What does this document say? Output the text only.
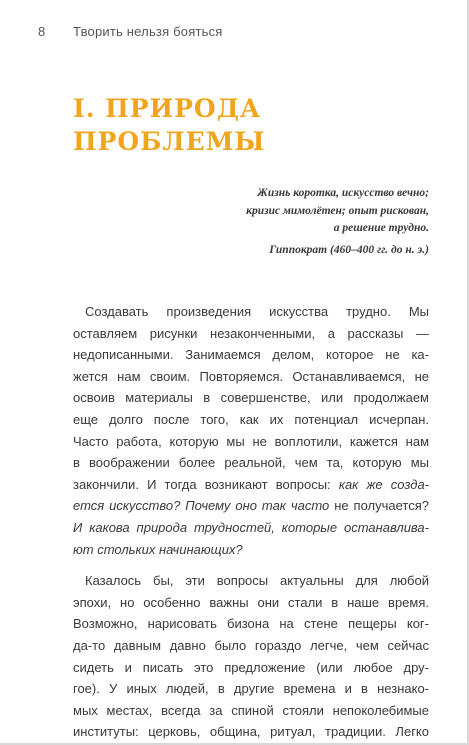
8 Творить нельзя бояться
I. ПРИРОДА
ПРОБЛЕМЫ
Жизнь коротка, искусство вечно;
кризис мимолётен; опыт рискован,
а решение трудно.
Гиппократ (460–400 гг. до н. э.)

Создавать произведения искусства трудно. Мы
оставляем рисунки незаконченными, а рассказы —
недописанными. Занимаемся делом, которое не ка-
жется нам своим. Повторяемся. Останавливаемся, не
освоив материалы в совершенстве, или продолжаем
еще долго после того, как их потенциал исчерпан.
Часто работа, которую мы не воплотили, кажется нам
в воображении более реальной, чем та, которую мы
закончили. И тогда возникают вопросы: как же созда-
ется искусство? Почему оно так часто не получается?
И какова природа трудностей, которые останавлива-
ют стольких начинающих?

Казалось бы, эти вопросы актуальны для любой
эпохи, но особенно важны они стали в наше время.
Возможно, нарисовать бизона на стене пещеры ког-
да-то давным давно было гораздо легче, чем сейчас
сидеть и писать это предложение (или любое дру-
гое). У иных людей, в другие времена и в незнако-
мых местах, всегда за спиной стояли непоколебимые
институты: церковь, община, ритуал, традиции. Легко
